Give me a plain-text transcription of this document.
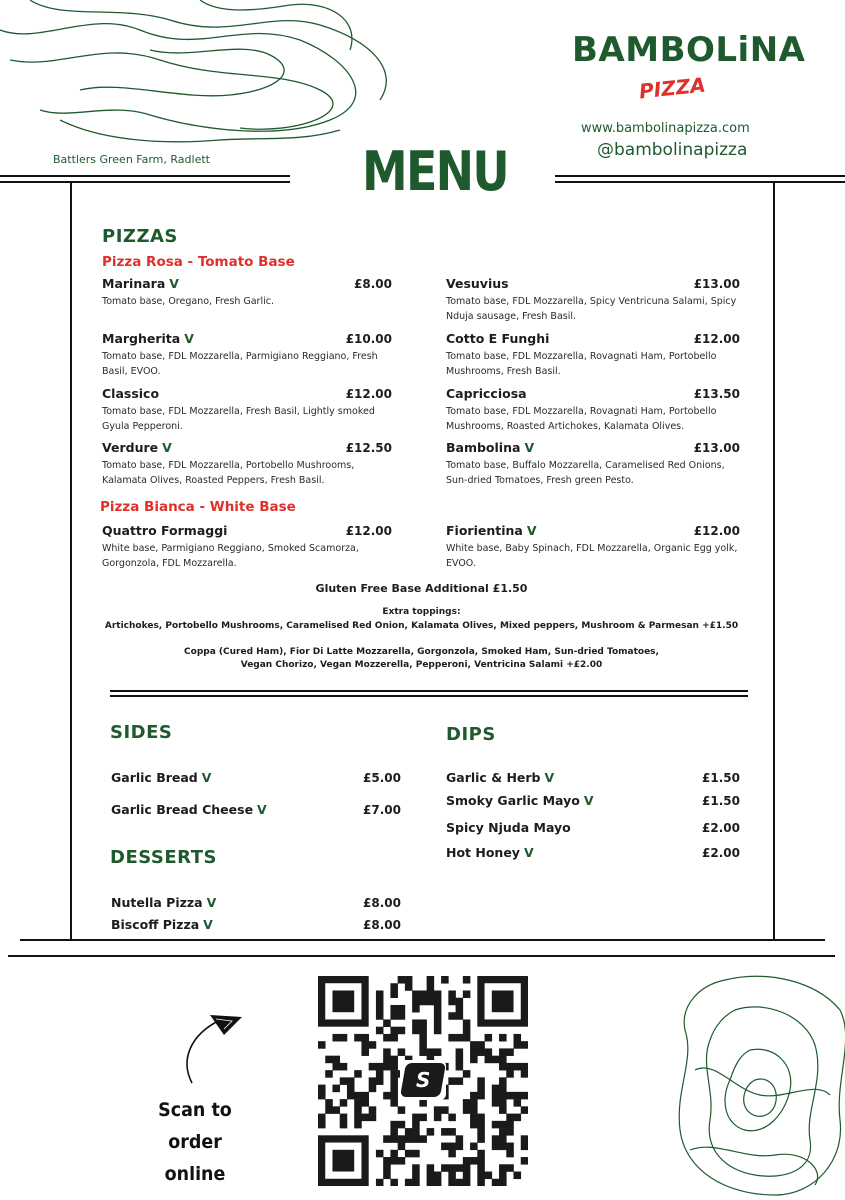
BAMBOLiNA
PIZZA
www.bambolinapizza.com
@bambolinapizza
Battlers Green Farm, Radlett	MENU
PIZZAS
Pizza Rosa - Tomato Base
Marinara V	£8.00
Tomato base, Oregano, Fresh Garlic.
Margherita V	£10.00
Tomato base, FDL Mozzarella, Parmigiano Reggiano, Fresh Basil, EVOO.
Classico	£12.00
Tomato base, FDL Mozzarella, Fresh Basil, Lightly smoked Gyula Pepperoni.
Verdure V	£12.50
Tomato base, FDL Mozzarella, Portobello Mushrooms, Kalamata Olives, Roasted Peppers, Fresh Basil.
Vesuvius	£13.00
Tomato base, FDL Mozzarella, Spicy Ventricuna Salami, Spicy Nduja sausage, Fresh Basil.
Cotto E Funghi	£12.00
Tomato base, FDL Mozzarella, Rovagnati Ham, Portobello Mushrooms, Fresh Basil.
Capricciosa	£13.50
Tomato base, FDL Mozzarella, Rovagnati Ham, Portobello Mushrooms, Roasted Artichokes, Kalamata Olives.
Bambolina V	£13.00
Tomato base, Buffalo Mozzarella, Caramelised Red Onions, Sun-dried Tomatoes, Fresh green Pesto.
Pizza Bianca - White Base
Quattro Formaggi	£12.00
White base, Parmigiano Reggiano, Smoked Scamorza, Gorgonzola, FDL Mozzarella.
Fiorientina V	£12.00
White base, Baby Spinach, FDL Mozzarella, Organic Egg yolk, EVOO.
Gluten Free Base Additional £1.50
Extra toppings:
Artichokes, Portobello Mushrooms, Caramelised Red Onion, Kalamata Olives, Mixed peppers, Mushroom & Parmesan +£1.50
Coppa (Cured Ham), Fior Di Latte Mozzarella, Gorgonzola, Smoked Ham, Sun-dried Tomatoes,
Vegan Chorizo, Vegan Mozzerella, Pepperoni, Ventricina Salami +£2.00
SIDES
Garlic Bread V	£5.00
Garlic Bread Cheese V	£7.00
DESSERTS
Nutella Pizza V	£8.00
Biscoff Pizza V	£8.00
DIPS
Garlic & Herb V	£1.50
Smoky Garlic Mayo V	£1.50
Spicy Njuda Mayo	£2.00
Hot Honey V	£2.00
Scan to order
online
S
